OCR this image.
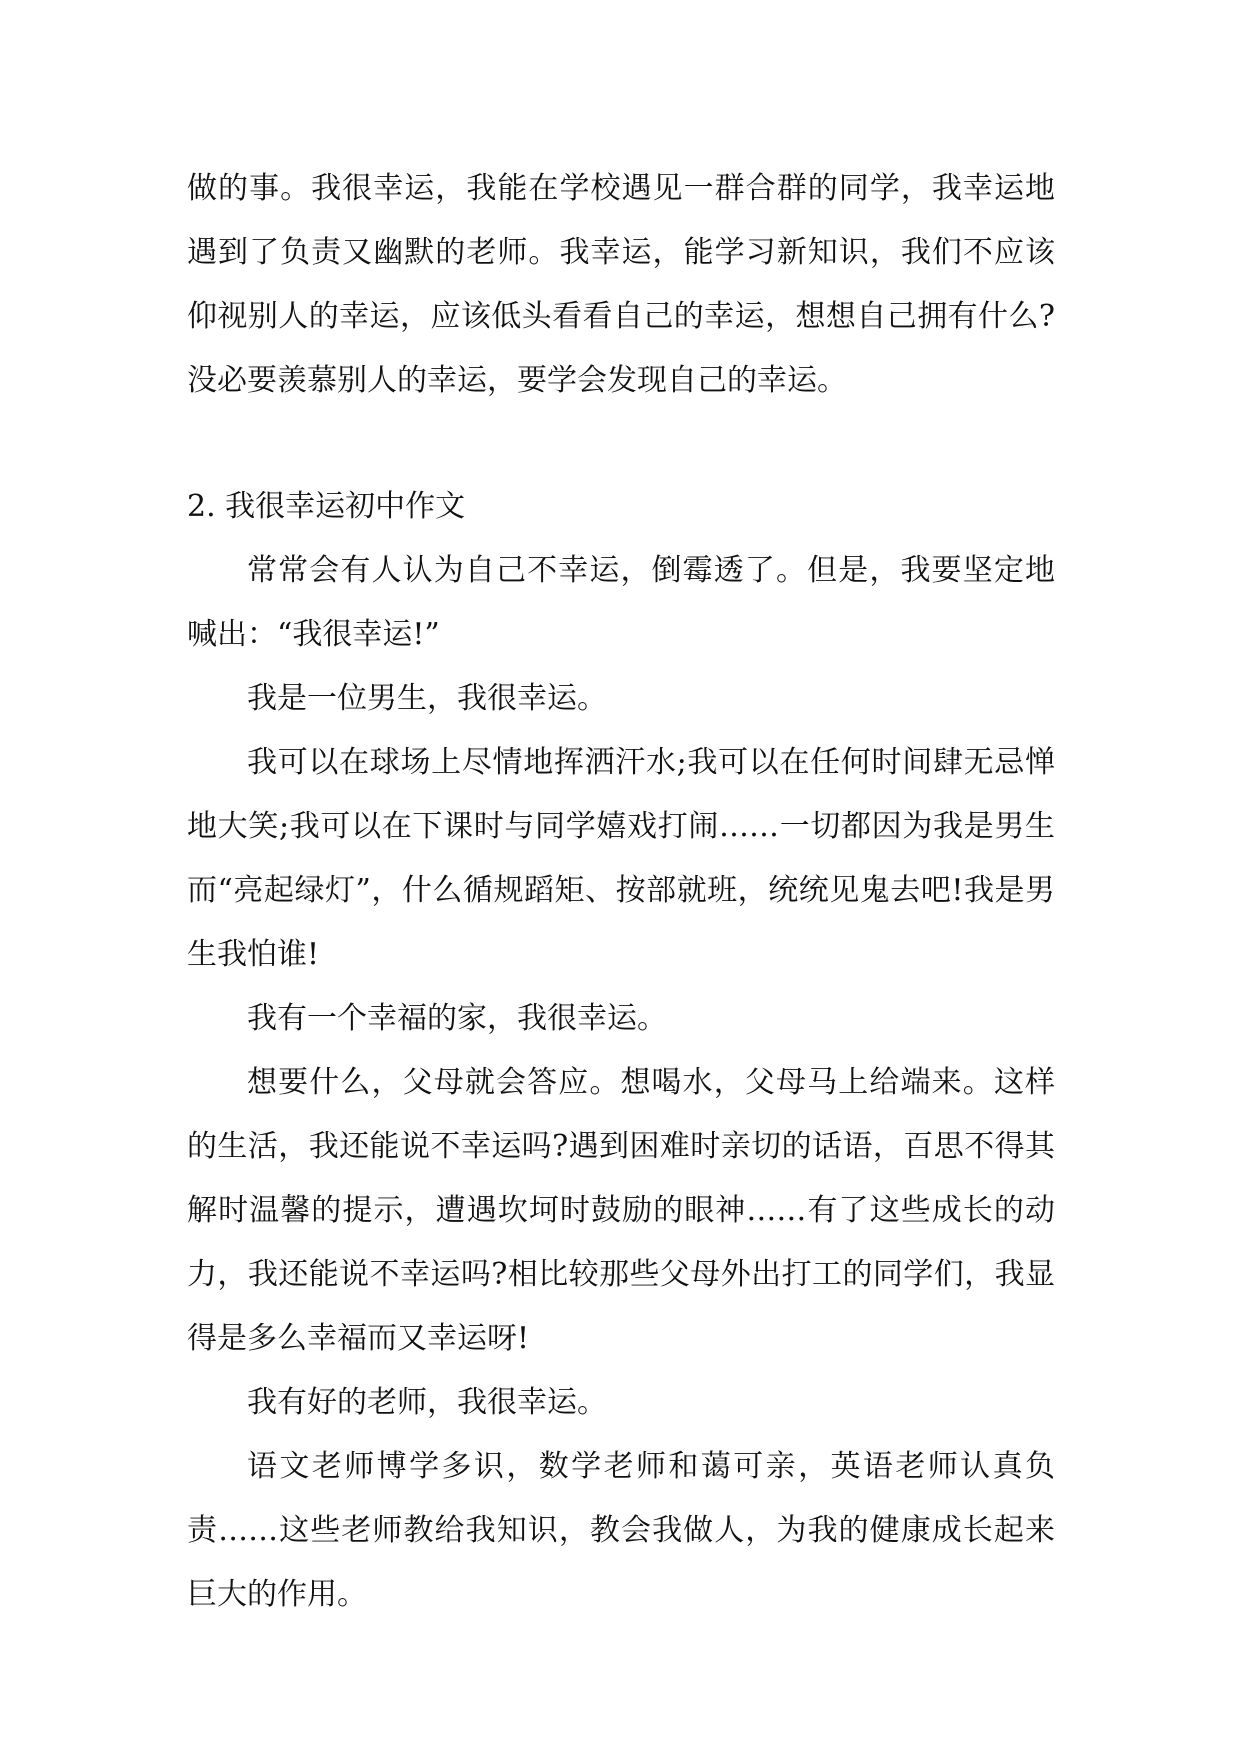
做的事。我很幸运，我能在学校遇见一群合群的同学，我幸运地遇到了负责又幽默的老师。我幸运，能学习新知识，我们不应该仰视别人的幸运，应该低头看看自己的幸运，想想自己拥有什么?没必要羡慕别人的幸运，要学会发现自己的幸运。

2. 我很幸运初中作文

常常会有人认为自己不幸运，倒霉透了。但是，我要坚定地喊出：“我很幸运!”

我是一位男生，我很幸运。

我可以在球场上尽情地挥洒汗水;我可以在任何时间肆无忌惮地大笑;我可以在下课时与同学嬉戏打闹……一切都因为我是男生而“亮起绿灯”，什么循规蹈矩、按部就班，统统见鬼去吧!我是男生我怕谁!

我有一个幸福的家，我很幸运。

想要什么，父母就会答应。想喝水，父母马上给端来。这样的生活，我还能说不幸运吗?遇到困难时亲切的话语，百思不得其解时温馨的提示，遭遇坎坷时鼓励的眼神……有了这些成长的动力，我还能说不幸运吗?相比较那些父母外出打工的同学们，我显得是多么幸福而又幸运呀!

我有好的老师，我很幸运。

语文老师博学多识，数学老师和蔼可亲，英语老师认真负责……这些老师教给我知识，教会我做人，为我的健康成长起来巨大的作用。
